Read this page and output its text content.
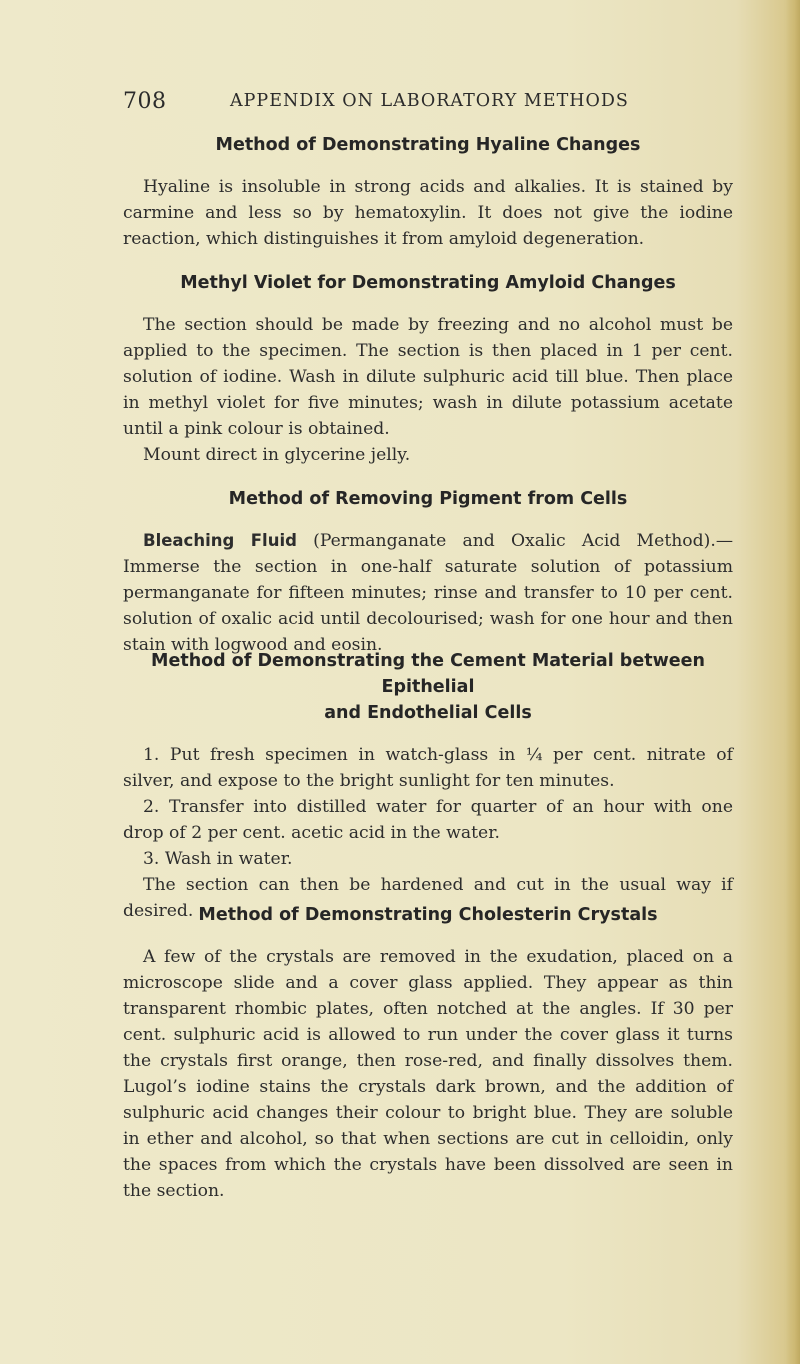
708	APPENDIX ON LABORATORY METHODS
Method of Demonstrating Hyaline Changes

Hyaline is insoluble in strong acids and alkalies. It is stained by carmine and less so by hematoxylin. It does not give the iodine reaction, which distinguishes it from amyloid degeneration.

Methyl Violet for Demonstrating Amyloid Changes

The section should be made by freezing and no alcohol must be applied to the specimen. The section is then placed in 1 per cent. solution of iodine. Wash in dilute sulphuric acid till blue. Then place in methyl violet for five minutes; wash in dilute potassium acetate until a pink colour is obtained.

Mount direct in glycerine jelly.

Method of Removing Pigment from Cells

Bleaching Fluid (Permanganate and Oxalic Acid Method).—Immerse the section in one-half saturate solution of potassium permanganate for fifteen minutes; rinse and transfer to 10 per cent. solution of oxalic acid until decolourised; wash for one hour and then stain with logwood and eosin.

Method of Demonstrating the Cement Material between Epithelial
and Endothelial Cells

1. Put fresh specimen in watch-glass in ¼ per cent. nitrate of silver, and expose to the bright sunlight for ten minutes.

2. Transfer into distilled water for quarter of an hour with one drop of 2 per cent. acetic acid in the water.

3. Wash in water.

The section can then be hardened and cut in the usual way if desired. Method of Demonstrating Cholesterin Crystals

A few of the crystals are removed in the exudation, placed on a microscope slide and a cover glass applied. They appear as thin transparent rhombic plates, often notched at the angles. If 30 per cent. sulphuric acid is allowed to run under the cover glass it turns the crystals first orange, then rose-red, and finally dissolves them. Lugol’s iodine stains the crystals dark brown, and the addition of sulphuric acid changes their colour to bright blue. They are soluble in ether and alcohol, so that when sections are cut in celloidin, only the spaces from which the crystals have been dissolved are seen in the section.
